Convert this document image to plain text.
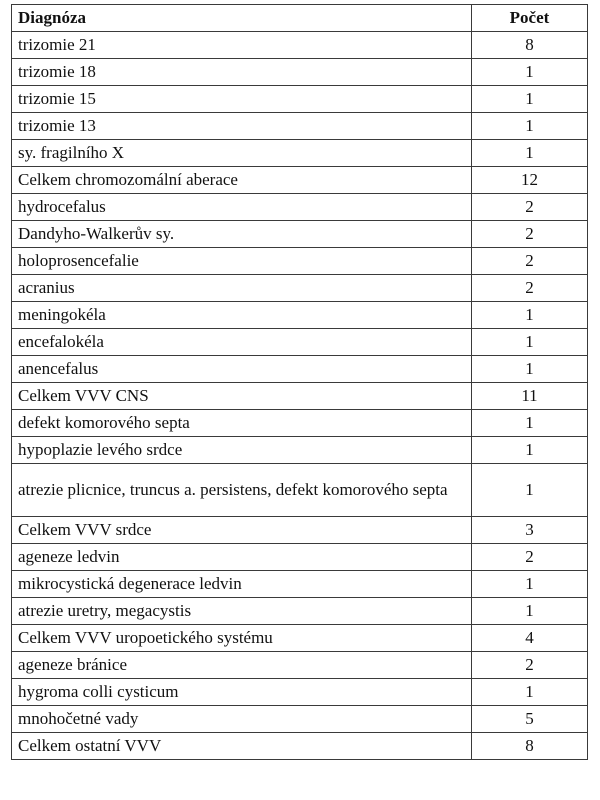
Diagnóza	Počet
trizomie 21	8
trizomie 18	1
trizomie 15	1
trizomie 13	1
sy. fragilního X	1
Celkem chromozomální aberace	12
hydrocefalus	2
Dandyho-Walkerův sy.	2
holoprosencefalie	2
acranius	2
meningokéla	1
encefalokéla	1
anencefalus	1
Celkem VVV CNS	11
defekt komorového septa	1
hypoplazie levého srdce	1
atrezie plicnice, truncus a. persistens, defekt komorového septa	1
Celkem VVV srdce	3
ageneze ledvin	2
mikrocystická degenerace ledvin	1
atrezie uretry, megacystis	1
Celkem VVV uropoetického systému	4
ageneze bránice	2
hygroma colli cysticum	1
mnohočetné vady	5
Celkem ostatní VVV	8
